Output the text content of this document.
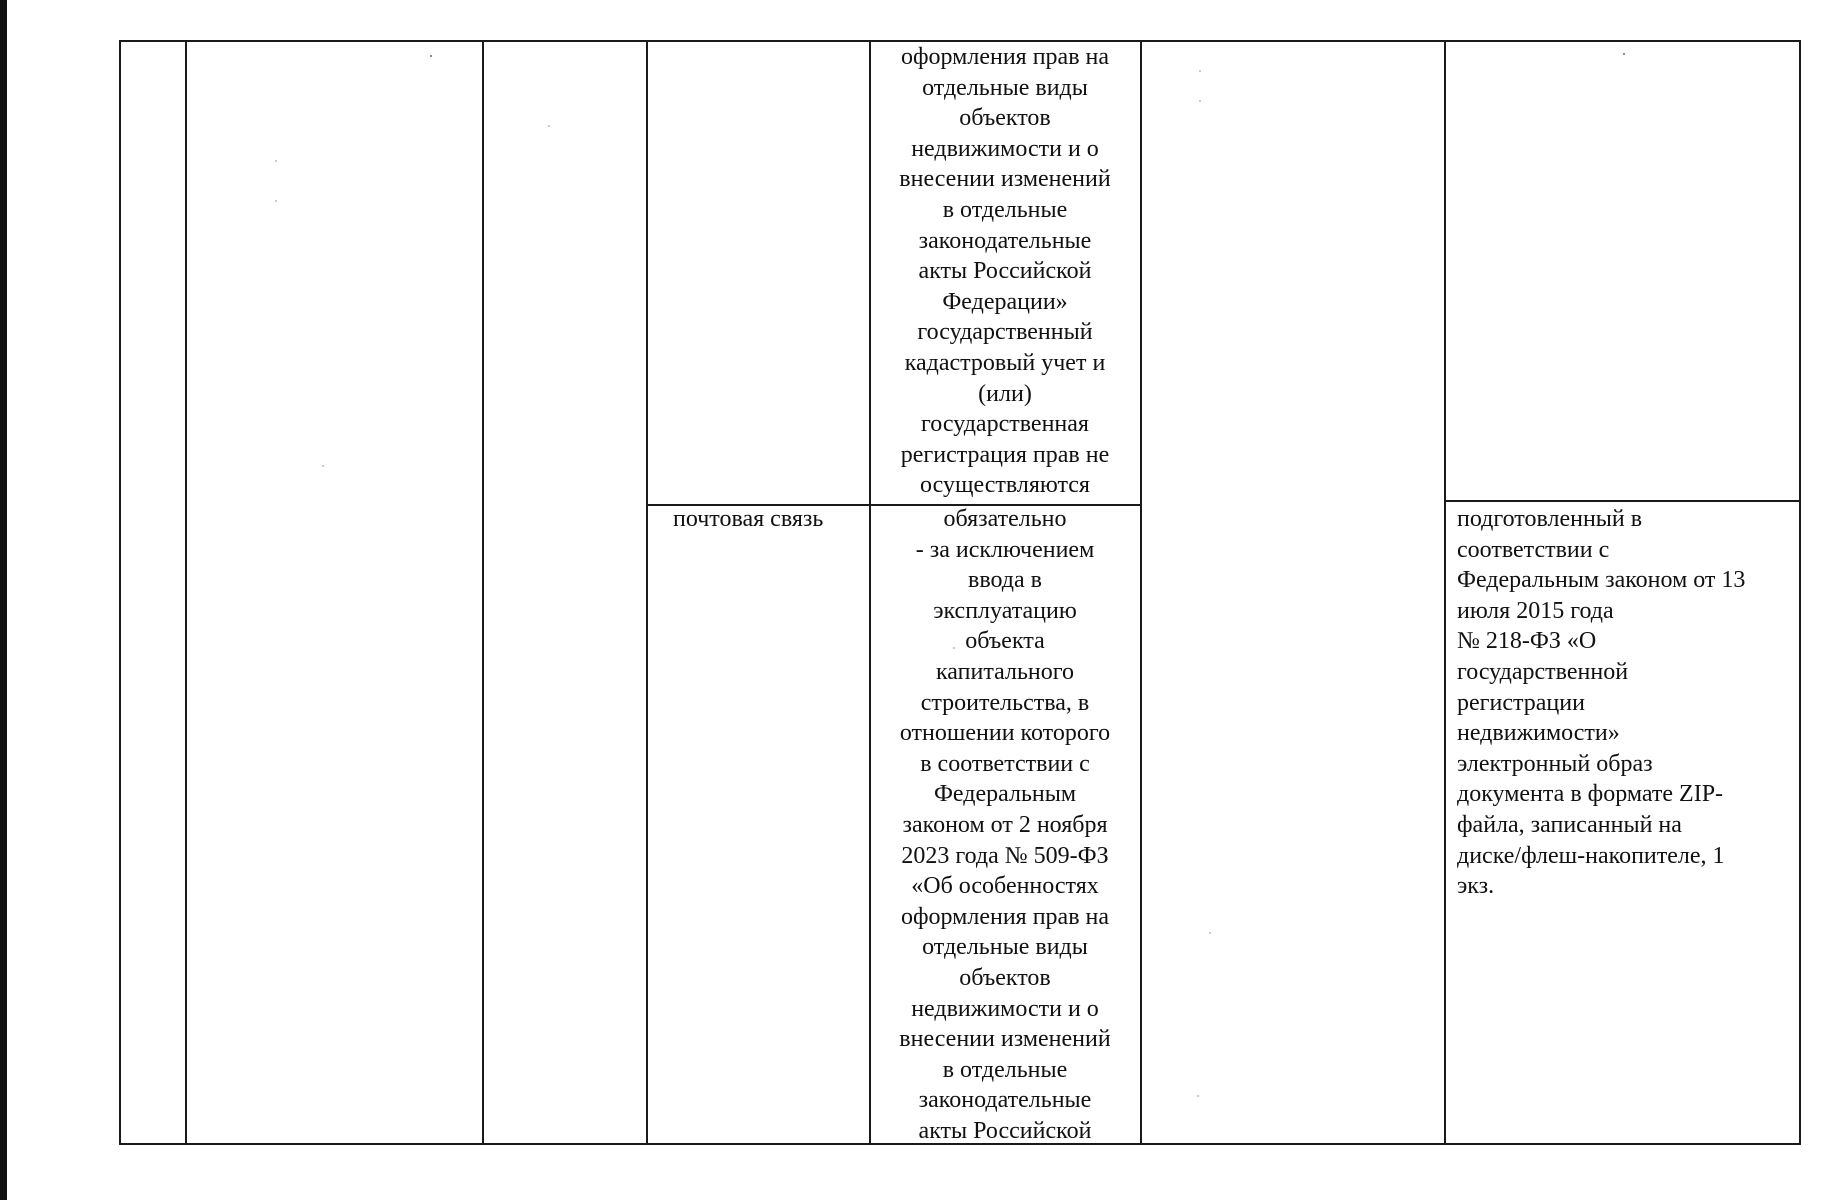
оформления прав на
отдельные виды
объектов
недвижимости и о
внесении изменений
в отдельные
законодательные
акты Российской
Федерации»
государственный
кадастровый учет и
(или)
государственная
регистрация прав не
осуществляются
почтовая связь	обязательно
- за исключением
ввода в
эксплуатацию
объекта
капитального
строительства, в
отношении которого
в соответствии с
Федеральным
законом от 2 ноября
2023 года № 509-ФЗ
«Об особенностях
оформления прав на
отдельные виды
объектов
недвижимости и о
внесении изменений
в отдельные
законодательные
акты Российской
подготовленный в
соответствии с
Федеральным законом от 13
июля 2015 года
№ 218-ФЗ «О
государственной
регистрации
недвижимости»
электронный образ
документа в формате ZIP-
файла, записанный на
диске/флеш-накопителе, 1
экз.
